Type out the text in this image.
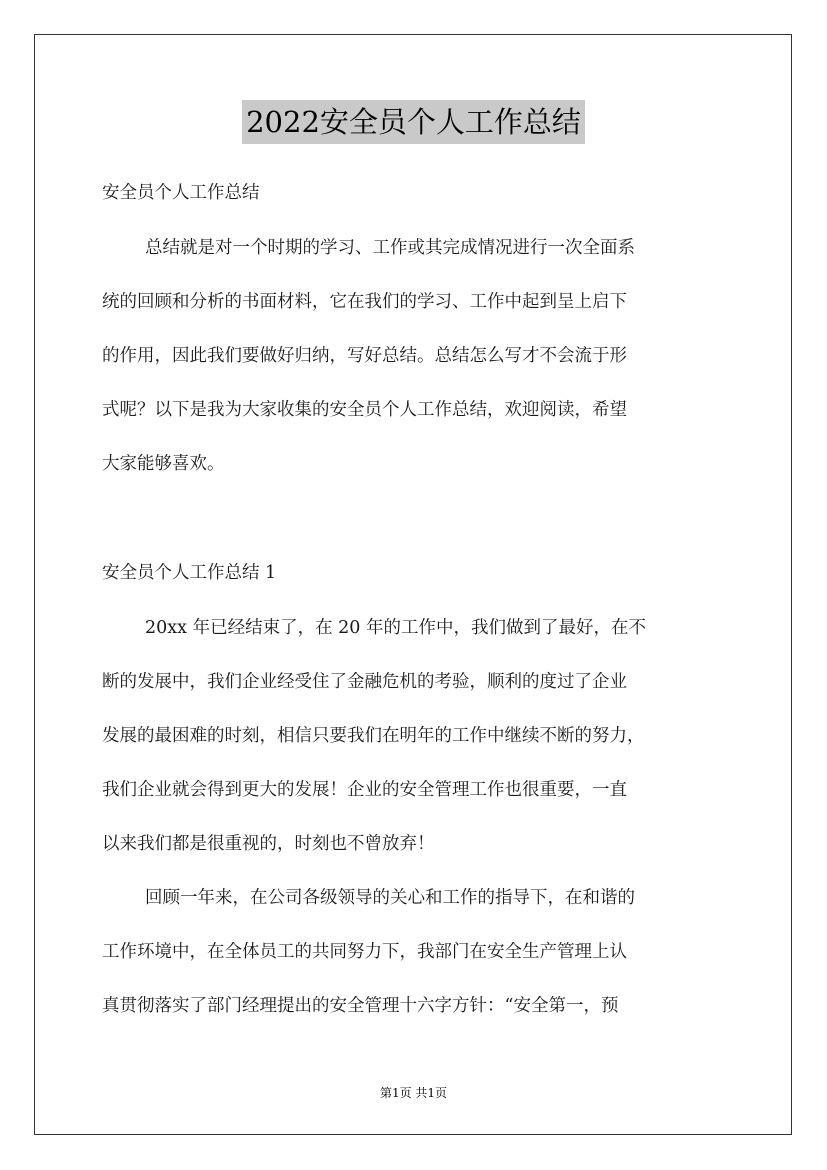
2022安全员个人工作总结
安全员个人工作总结
总结就是对一个时期的学习、工作或其完成情况进行一次全面系
统的回顾和分析的书面材料，它在我们的学习、工作中起到呈上启下
的作用，因此我们要做好归纳，写好总结。总结怎么写才不会流于形
式呢？以下是我为大家收集的安全员个人工作总结，欢迎阅读，希望
大家能够喜欢。
安全员个人工作总结 1
20xx 年已经结束了，在 20 年的工作中，我们做到了最好，在不
断的发展中，我们企业经受住了金融危机的考验，顺利的度过了企业
发展的最困难的时刻，相信只要我们在明年的工作中继续不断的努力，
我们企业就会得到更大的发展！企业的安全管理工作也很重要，一直
以来我们都是很重视的，时刻也不曾放弃！
回顾一年来，在公司各级领导的关心和工作的指导下，在和谐的
工作环境中，在全体员工的共同努力下，我部门在安全生产管理上认
真贯彻落实了部门经理提出的安全管理十六字方针：“安全第一，预
第1页 共1页
